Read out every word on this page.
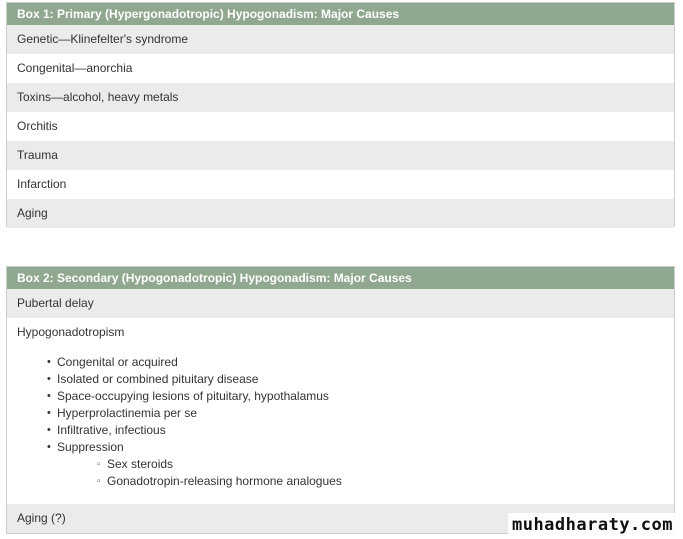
Box 1: Primary (Hypergonadotropic) Hypogonadism: Major Causes
Genetic—Klinefelter's syndrome
Congenital—anorchia
Toxins—alcohol, heavy metals
Orchitis
Trauma
Infarction
Aging
Box 2: Secondary (Hypogonadotropic) Hypogonadism: Major Causes
Pubertal delay
Hypogonadotropism
• Congenital or acquired
• Isolated or combined pituitary disease
• Space-occupying lesions of pituitary, hypothalamus
• Hyperprolactinemia per se
• Infiltrative, infectious
• Suppression
▫ Sex steroids
▫ Gonadotropin-releasing hormone analogues
Aging (?)	muhadharaty.com
